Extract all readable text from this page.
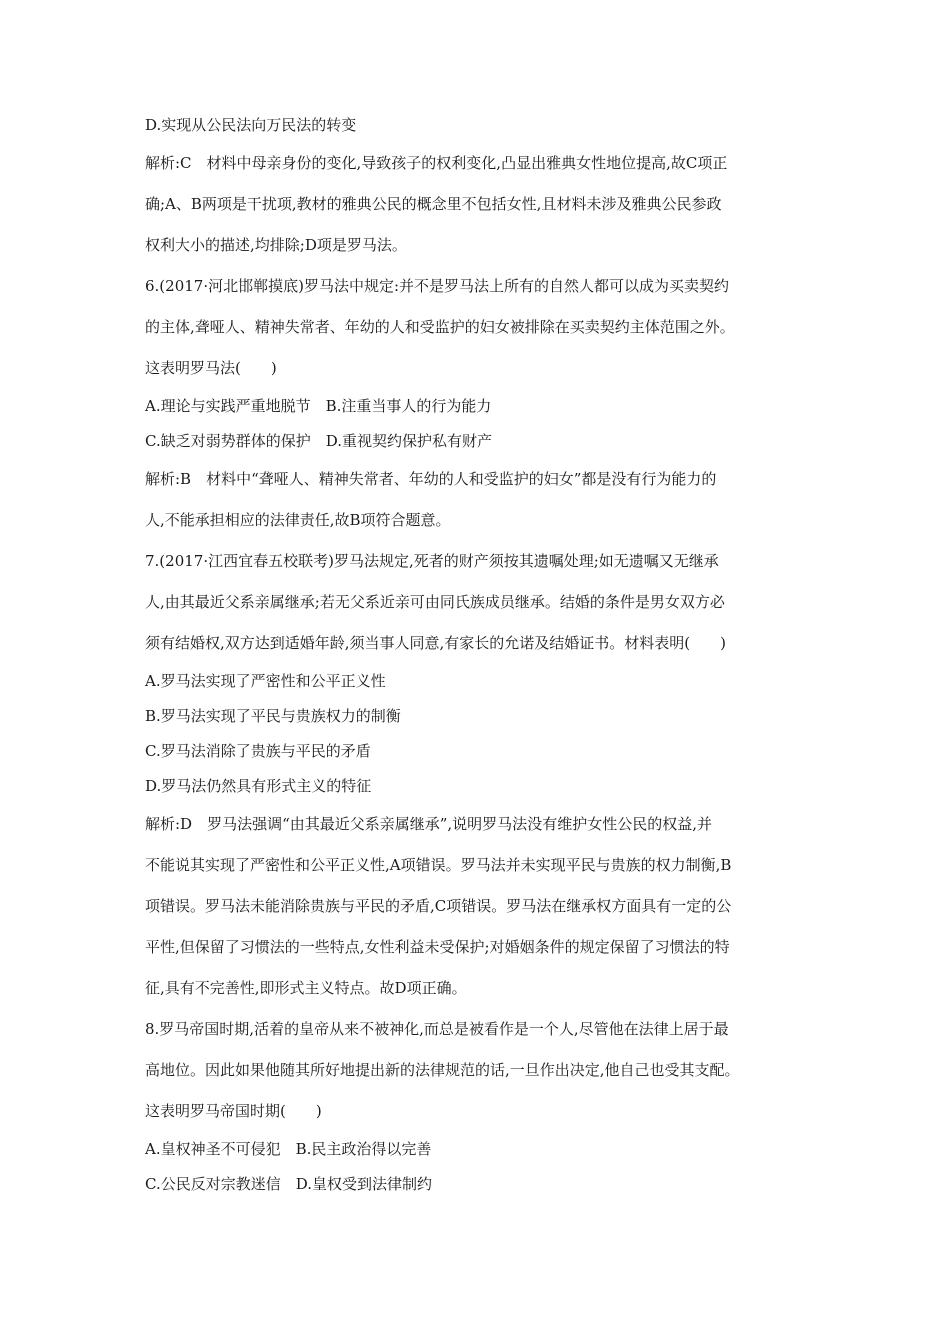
D.实现从公民法向万民法的转变

解析:C　材料中母亲身份的变化,导致孩子的权利变化,凸显出雅典女性地位提高,故C项正

确;A、B两项是干扰项,教材的雅典公民的概念里不包括女性,且材料未涉及雅典公民参政

权利大小的描述,均排除;D项是罗马法。

6.(2017·河北邯郸摸底)罗马法中规定:并不是罗马法上所有的自然人都可以成为买卖契约

的主体,聋哑人、精神失常者、年幼的人和受监护的妇女被排除在买卖契约主体范围之外。

这表明罗马法(　　)

A.理论与实践严重地脱节　B.注重当事人的行为能力

C.缺乏对弱势群体的保护　D.重视契约保护私有财产

解析:B　材料中“聋哑人、精神失常者、年幼的人和受监护的妇女”都是没有行为能力的

人,不能承担相应的法律责任,故B项符合题意。

7.(2017·江西宜春五校联考)罗马法规定,死者的财产须按其遗嘱处理;如无遗嘱又无继承

人,由其最近父系亲属继承;若无父系近亲可由同氏族成员继承。结婚的条件是男女双方必

须有结婚权,双方达到适婚年龄,须当事人同意,有家长的允诺及结婚证书。材料表明(　　)

A.罗马法实现了严密性和公平正义性

B.罗马法实现了平民与贵族权力的制衡

C.罗马法消除了贵族与平民的矛盾

D.罗马法仍然具有形式主义的特征

解析:D　罗马法强调“由其最近父系亲属继承”,说明罗马法没有维护女性公民的权益,并

不能说其实现了严密性和公平正义性,A项错误。罗马法并未实现平民与贵族的权力制衡,B

项错误。罗马法未能消除贵族与平民的矛盾,C项错误。罗马法在继承权方面具有一定的公

平性,但保留了习惯法的一些特点,女性利益未受保护;对婚姻条件的规定保留了习惯法的特

征,具有不完善性,即形式主义特点。故D项正确。

8.罗马帝国时期,活着的皇帝从来不被神化,而总是被看作是一个人,尽管他在法律上居于最

高地位。因此如果他随其所好地提出新的法律规范的话,一旦作出决定,他自己也受其支配。

这表明罗马帝国时期(　　)

A.皇权神圣不可侵犯　B.民主政治得以完善

C.公民反对宗教迷信　D.皇权受到法律制约
